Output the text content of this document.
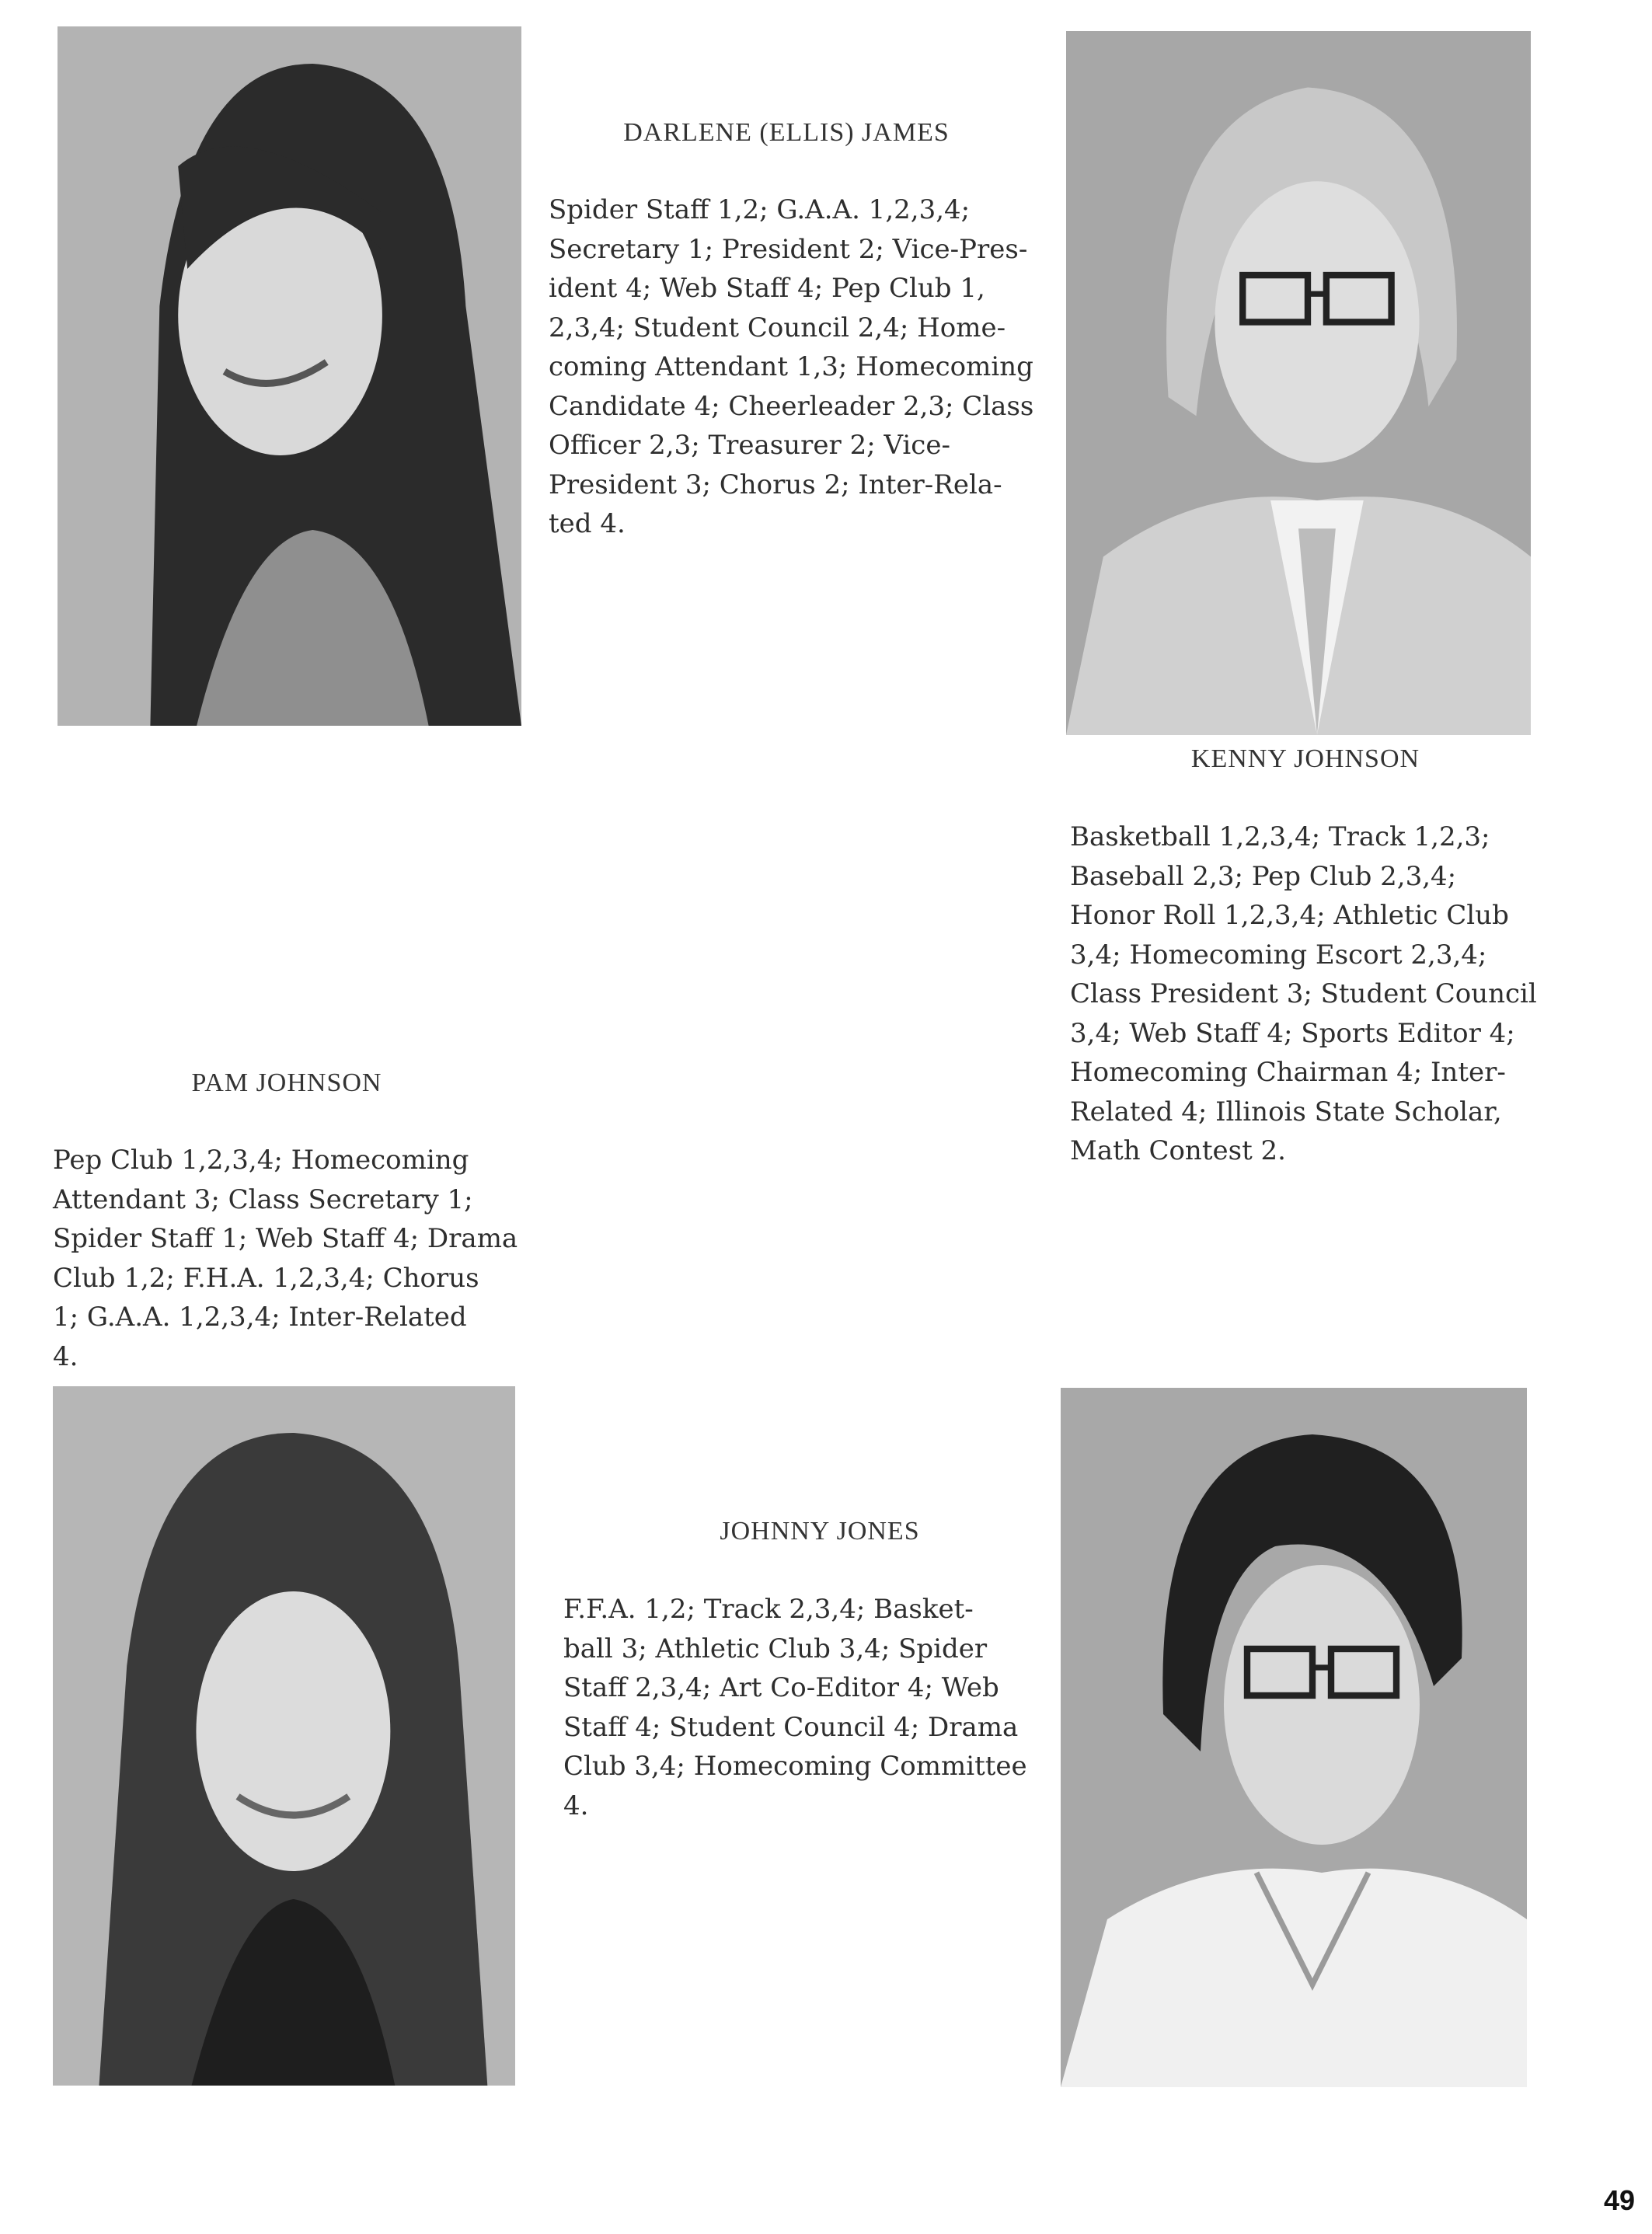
DARLENE (ELLIS) JAMES
Spider Staff 1,2; G.A.A. 1,2,3,4;
Secretary 1; President 2; Vice-Pres-
ident 4; Web Staff 4; Pep Club 1,
2,3,4; Student Council 2,4; Home-
coming Attendant 1,3; Homecoming
Candidate 4; Cheerleader 2,3; Class
Officer 2,3; Treasurer 2; Vice-
President 3; Chorus 2; Inter-Rela-
ted 4.
KENNY JOHNSON
Basketball 1,2,3,4; Track 1,2,3;
Baseball 2,3; Pep Club 2,3,4;
Honor Roll 1,2,3,4; Athletic Club
3,4; Homecoming Escort 2,3,4;
Class President 3; Student Council
3,4; Web Staff 4; Sports Editor 4;
Homecoming Chairman 4; Inter-
Related 4; Illinois State Scholar,
Math Contest 2.
PAM JOHNSON
Pep Club 1,2,3,4; Homecoming
Attendant 3; Class Secretary 1;
Spider Staff 1; Web Staff 4; Drama
Club 1,2; F.H.A. 1,2,3,4; Chorus
1; G.A.A. 1,2,3,4; Inter-Related
4.
JOHNNY JONES
F.F.A. 1,2; Track 2,3,4; Basket-
ball 3; Athletic Club 3,4; Spider
Staff 2,3,4; Art Co-Editor 4; Web
Staff 4; Student Council 4; Drama
Club 3,4; Homecoming Committee
4.
49
